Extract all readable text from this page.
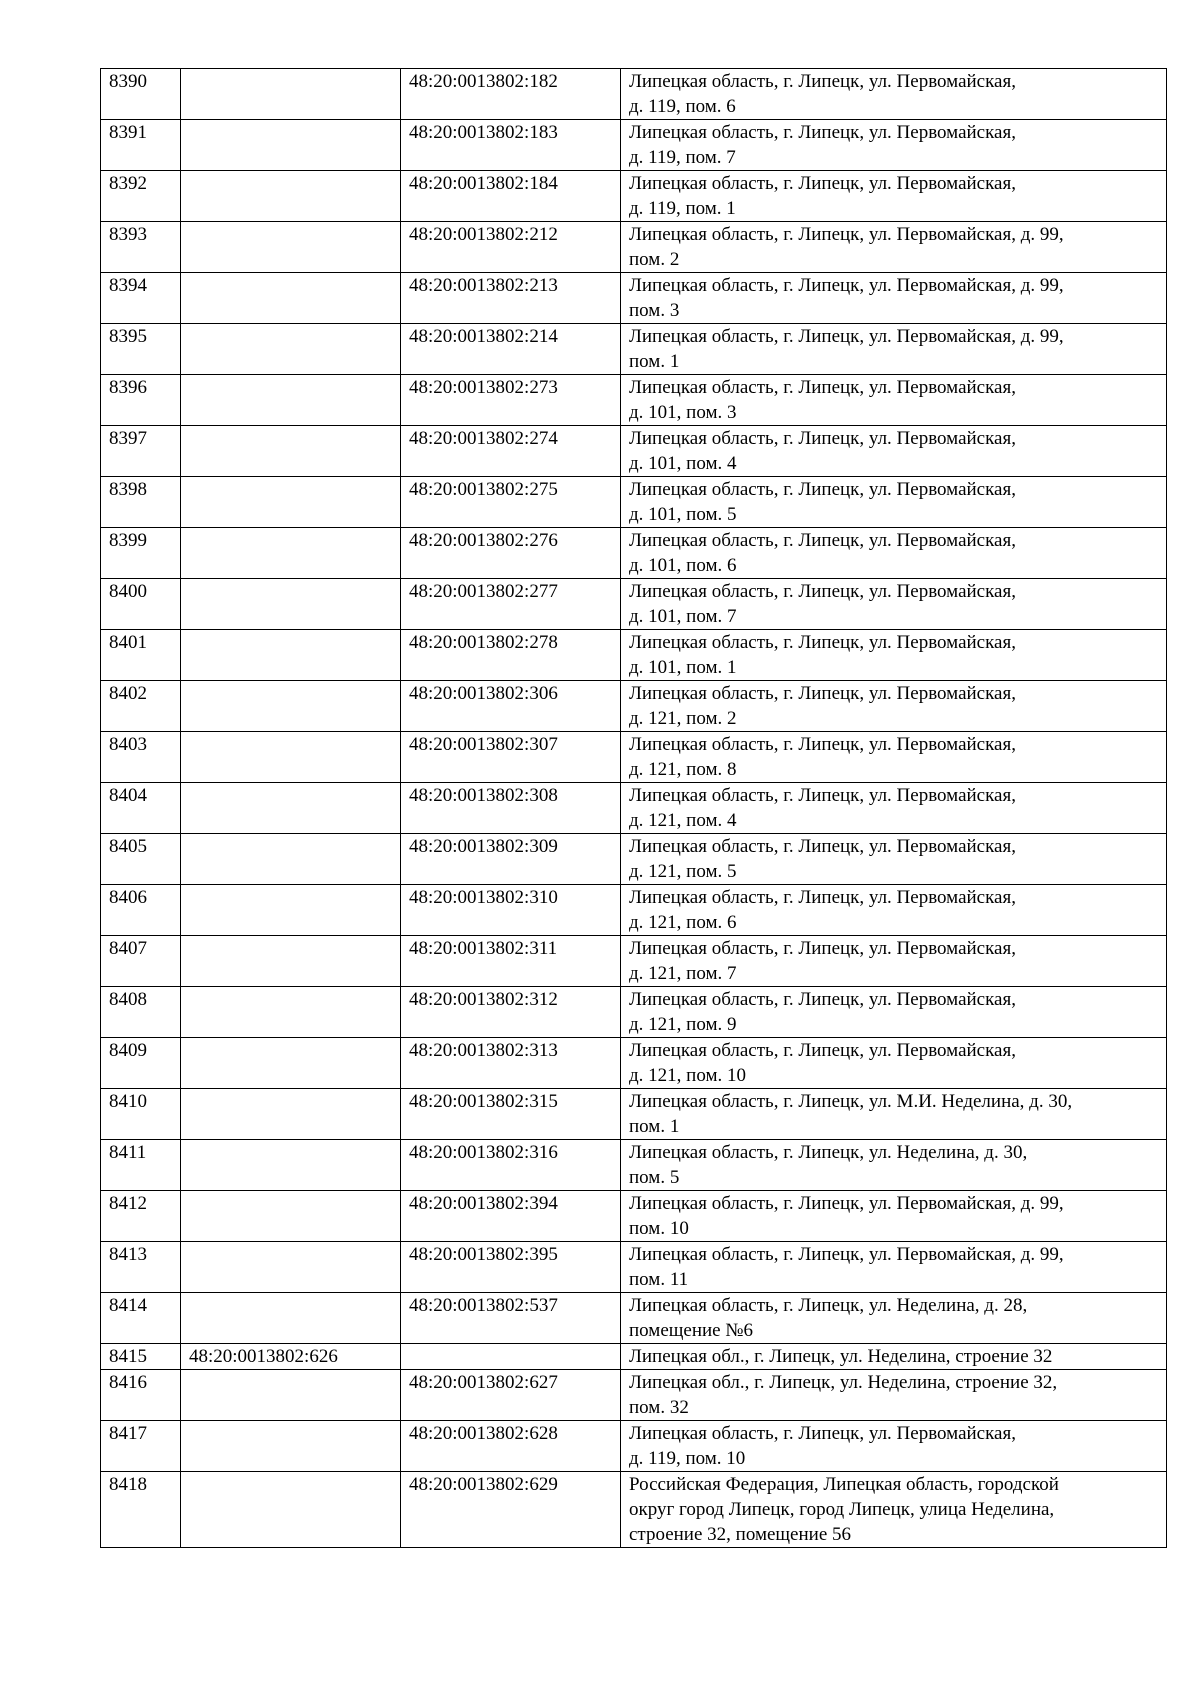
8390		48:20:0013802:182	Липецкая область, г. Липецк, ул. Первомайская,
д. 119, пом. 6

8391		48:20:0013802:183	Липецкая область, г. Липецк, ул. Первомайская,
д. 119, пом. 7

8392		48:20:0013802:184	Липецкая область, г. Липецк, ул. Первомайская,
д. 119, пом. 1

8393		48:20:0013802:212	Липецкая область, г. Липецк, ул. Первомайская, д. 99,
пом. 2

8394		48:20:0013802:213	Липецкая область, г. Липецк, ул. Первомайская, д. 99,
пом. 3

8395		48:20:0013802:214	Липецкая область, г. Липецк, ул. Первомайская, д. 99,
пом. 1

8396		48:20:0013802:273	Липецкая область, г. Липецк, ул. Первомайская,
д. 101, пом. 3

8397		48:20:0013802:274	Липецкая область, г. Липецк, ул. Первомайская,
д. 101, пом. 4

8398		48:20:0013802:275	Липецкая область, г. Липецк, ул. Первомайская,
д. 101, пом. 5

8399		48:20:0013802:276	Липецкая область, г. Липецк, ул. Первомайская,
д. 101, пом. 6

8400		48:20:0013802:277	Липецкая область, г. Липецк, ул. Первомайская,
д. 101, пом. 7

8401		48:20:0013802:278	Липецкая область, г. Липецк, ул. Первомайская,
д. 101, пом. 1

8402		48:20:0013802:306	Липецкая область, г. Липецк, ул. Первомайская,
д. 121, пом. 2

8403		48:20:0013802:307	Липецкая область, г. Липецк, ул. Первомайская,
д. 121, пом. 8

8404		48:20:0013802:308	Липецкая область, г. Липецк, ул. Первомайская,
д. 121, пом. 4

8405		48:20:0013802:309	Липецкая область, г. Липецк, ул. Первомайская,
д. 121, пом. 5

8406		48:20:0013802:310	Липецкая область, г. Липецк, ул. Первомайская,
д. 121, пом. 6

8407		48:20:0013802:311	Липецкая область, г. Липецк, ул. Первомайская,
д. 121, пом. 7

8408		48:20:0013802:312	Липецкая область, г. Липецк, ул. Первомайская,
д. 121, пом. 9

8409		48:20:0013802:313	Липецкая область, г. Липецк, ул. Первомайская,
д. 121, пом. 10

8410		48:20:0013802:315	Липецкая область, г. Липецк, ул. М.И. Неделина, д. 30,
пом. 1

8411		48:20:0013802:316	Липецкая область, г. Липецк, ул. Неделина, д. 30,
пом. 5

8412		48:20:0013802:394	Липецкая область, г. Липецк, ул. Первомайская, д. 99,
пом. 10

8413		48:20:0013802:395	Липецкая область, г. Липецк, ул. Первомайская, д. 99,
пом. 11

8414		48:20:0013802:537	Липецкая область, г. Липецк, ул. Неделина, д. 28,
помещение №6

8415	48:20:0013802:626		Липецкая обл., г. Липецк, ул. Неделина, строение 32

8416		48:20:0013802:627	Липецкая обл., г. Липецк, ул. Неделина, строение 32,
пом. 32

8417		48:20:0013802:628	Липецкая область, г. Липецк, ул. Первомайская,
д. 119, пом. 10

8418		48:20:0013802:629	Российская Федерация, Липецкая область, городской
округ город Липецк, город Липецк, улица Неделина,
строение 32, помещение 56
